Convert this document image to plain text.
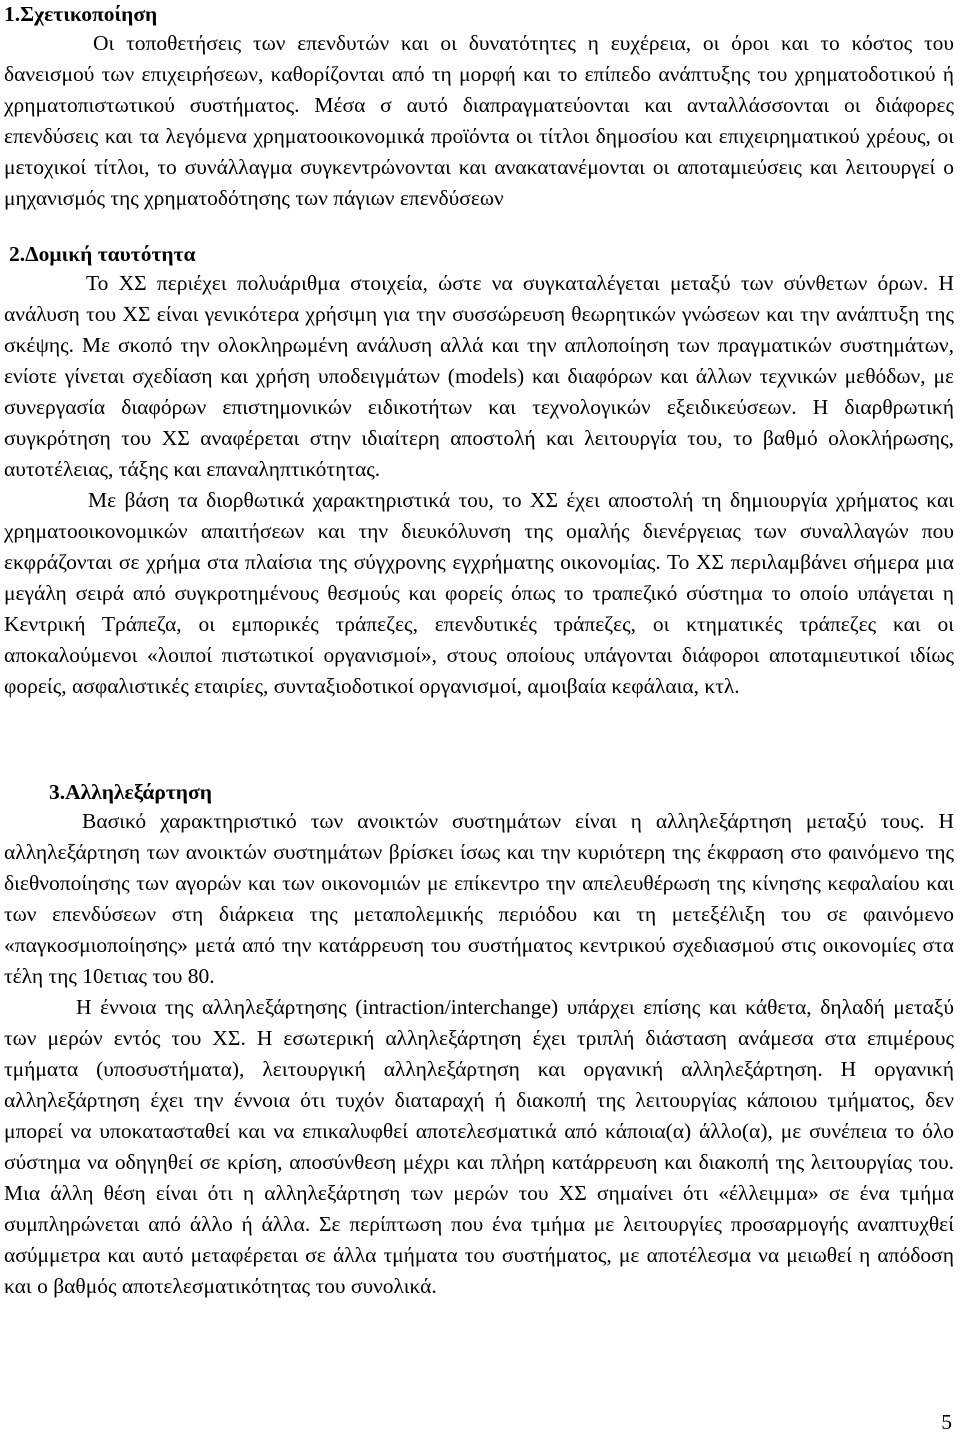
1.Σχετικοποίηση

Οι τοποθετήσεις των επενδυτών και οι δυνατότητες η ευχέρεια, οι όροι και το κόστος του δανεισμού των επιχειρήσεων, καθορίζονται από τη μορφή και το επίπεδο ανάπτυξης του χρηματοδοτικού ή χρηματοπιστωτικού συστήματος. Μέσα σ αυτό διαπραγματεύονται και ανταλλάσσονται οι διάφορες επενδύσεις και τα λεγόμενα χρηματοοικονομικά προϊόντα οι τίτλοι δημοσίου και επιχειρηματικού χρέους, οι μετοχικοί τίτλοι, το συνάλλαγμα συγκεντρώνονται και ανακατανέμονται οι αποταμιεύσεις και λειτουργεί ο μηχανισμός της χρηματοδότησης των πάγιων επενδύσεων

2.Δομική ταυτότητα

Το ΧΣ περιέχει πολυάριθμα στοιχεία, ώστε να συγκαταλέγεται μεταξύ των σύνθετων όρων. Η ανάλυση του ΧΣ είναι γενικότερα χρήσιμη για την συσσώρευση θεωρητικών γνώσεων και την ανάπτυξη της σκέψης. Με σκοπό την ολοκληρωμένη ανάλυση αλλά και την απλοποίηση των πραγματικών συστημάτων, ενίοτε γίνεται σχεδίαση και χρήση υποδειγμάτων (models) και διαφόρων και άλλων τεχνικών μεθόδων, με συνεργασία διαφόρων επιστημονικών ειδικοτήτων και τεχνολογικών εξειδικεύσεων. Η διαρθρωτική συγκρότηση του ΧΣ αναφέρεται στην ιδιαίτερη αποστολή και λειτουργία του, το βαθμό ολοκλήρωσης, αυτοτέλειας, τάξης και επαναληπτικότητας.

Με βάση τα διορθωτικά χαρακτηριστικά του, το ΧΣ έχει αποστολή τη δημιουργία χρήματος και χρηματοοικονομικών απαιτήσεων και την διευκόλυνση της ομαλής διενέργειας των συναλλαγών που εκφράζονται σε χρήμα στα πλαίσια της σύγχρονης εγχρήματης οικονομίας. Το ΧΣ περιλαμβάνει σήμερα μια μεγάλη σειρά από συγκροτημένους θεσμούς και φορείς όπως το τραπεζικό σύστημα το οποίο υπάγεται η Κεντρική Τράπεζα, οι εμπορικές τράπεζες, επενδυτικές τράπεζες, οι κτηματικές τράπεζες και οι αποκαλούμενοι «λοιποί πιστωτικοί οργανισμοί», στους οποίους υπάγονται διάφοροι αποταμιευτικοί ιδίως φορείς, ασφαλιστικές εταιρίες, συνταξιοδοτικοί οργανισμοί, αμοιβαία κεφάλαια, κτλ.

3.Αλληλεξάρτηση

Βασικό χαρακτηριστικό των ανοικτών συστημάτων είναι η αλληλεξάρτηση μεταξύ τους. Η αλληλεξάρτηση των ανοικτών συστημάτων βρίσκει ίσως και την κυριότερη της έκφραση στο φαινόμενο της διεθνοποίησης των αγορών και των οικονομιών με επίκεντρο την απελευθέρωση της κίνησης κεφαλαίου και των επενδύσεων στη διάρκεια της μεταπολεμικής περιόδου και τη μετεξέλιξη του σε φαινόμενο «παγκοσμιοποίησης» μετά από την κατάρρευση του συστήματος κεντρικού σχεδιασμού στις οικονομίες στα τέλη της 10ετιας του 80.

Η έννοια της αλληλεξάρτησης (intraction/interchange) υπάρχει επίσης και κάθετα, δηλαδή μεταξύ των μερών εντός του ΧΣ. Η εσωτερική αλληλεξάρτηση έχει τριπλή διάσταση ανάμεσα στα επιμέρους τμήματα (υποσυστήματα), λειτουργική αλληλεξάρτηση και οργανική αλληλεξάρτηση. Η οργανική αλληλεξάρτηση έχει την έννοια ότι τυχόν διαταραχή ή διακοπή της λειτουργίας κάποιου τμήματος, δεν μπορεί να υποκατασταθεί και να επικαλυφθεί αποτελεσματικά από κάποια(α) άλλο(α), με συνέπεια το όλο σύστημα να οδηγηθεί σε κρίση, αποσύνθεση μέχρι και πλήρη κατάρρευση και διακοπή της λειτουργίας του. Μια άλλη θέση είναι ότι η αλληλεξάρτηση των μερών του ΧΣ σημαίνει ότι «έλλειμμα» σε ένα τμήμα συμπληρώνεται από άλλο ή άλλα. Σε περίπτωση που ένα τμήμα με λειτουργίες προσαρμογής αναπτυχθεί ασύμμετρα και αυτό μεταφέρεται σε άλλα τμήματα του συστήματος, με αποτέλεσμα να μειωθεί η απόδοση και ο βαθμός αποτελεσματικότητας του συνολικά.

5
